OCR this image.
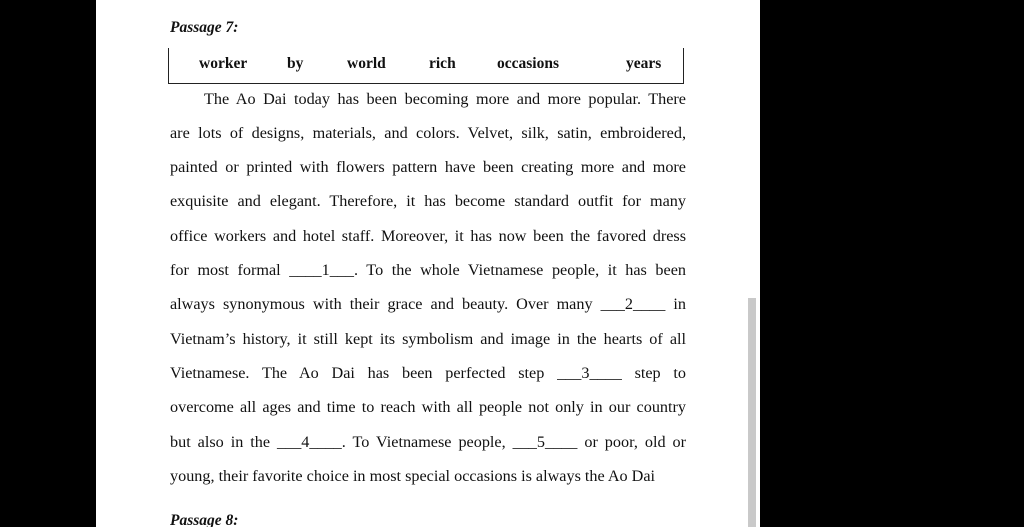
Passage 7:
worker	by	world	rich	occasions	years
The Ao Dai today has been becoming more and more popular. There
are lots of designs, materials, and colors. Velvet, silk, satin, embroidered,
painted or printed with flowers pattern have been creating more and more
exquisite and elegant. Therefore, it has become standard outfit for many
office workers and hotel staff. Moreover, it has now been the favored dress
for most formal ____1___. To the whole Vietnamese people, it has been
always synonymous with their grace and beauty. Over many ___2____ in
Vietnam’s history, it still kept its symbolism and image in the hearts of all
Vietnamese. The Ao Dai has been perfected step ___3____ step to
overcome all ages and time to reach with all people not only in our country
but also in the ___4____. To Vietnamese people, ___5____ or poor, old or
young, their favorite choice in most special occasions is always the Ao Dai
Passage 8:
